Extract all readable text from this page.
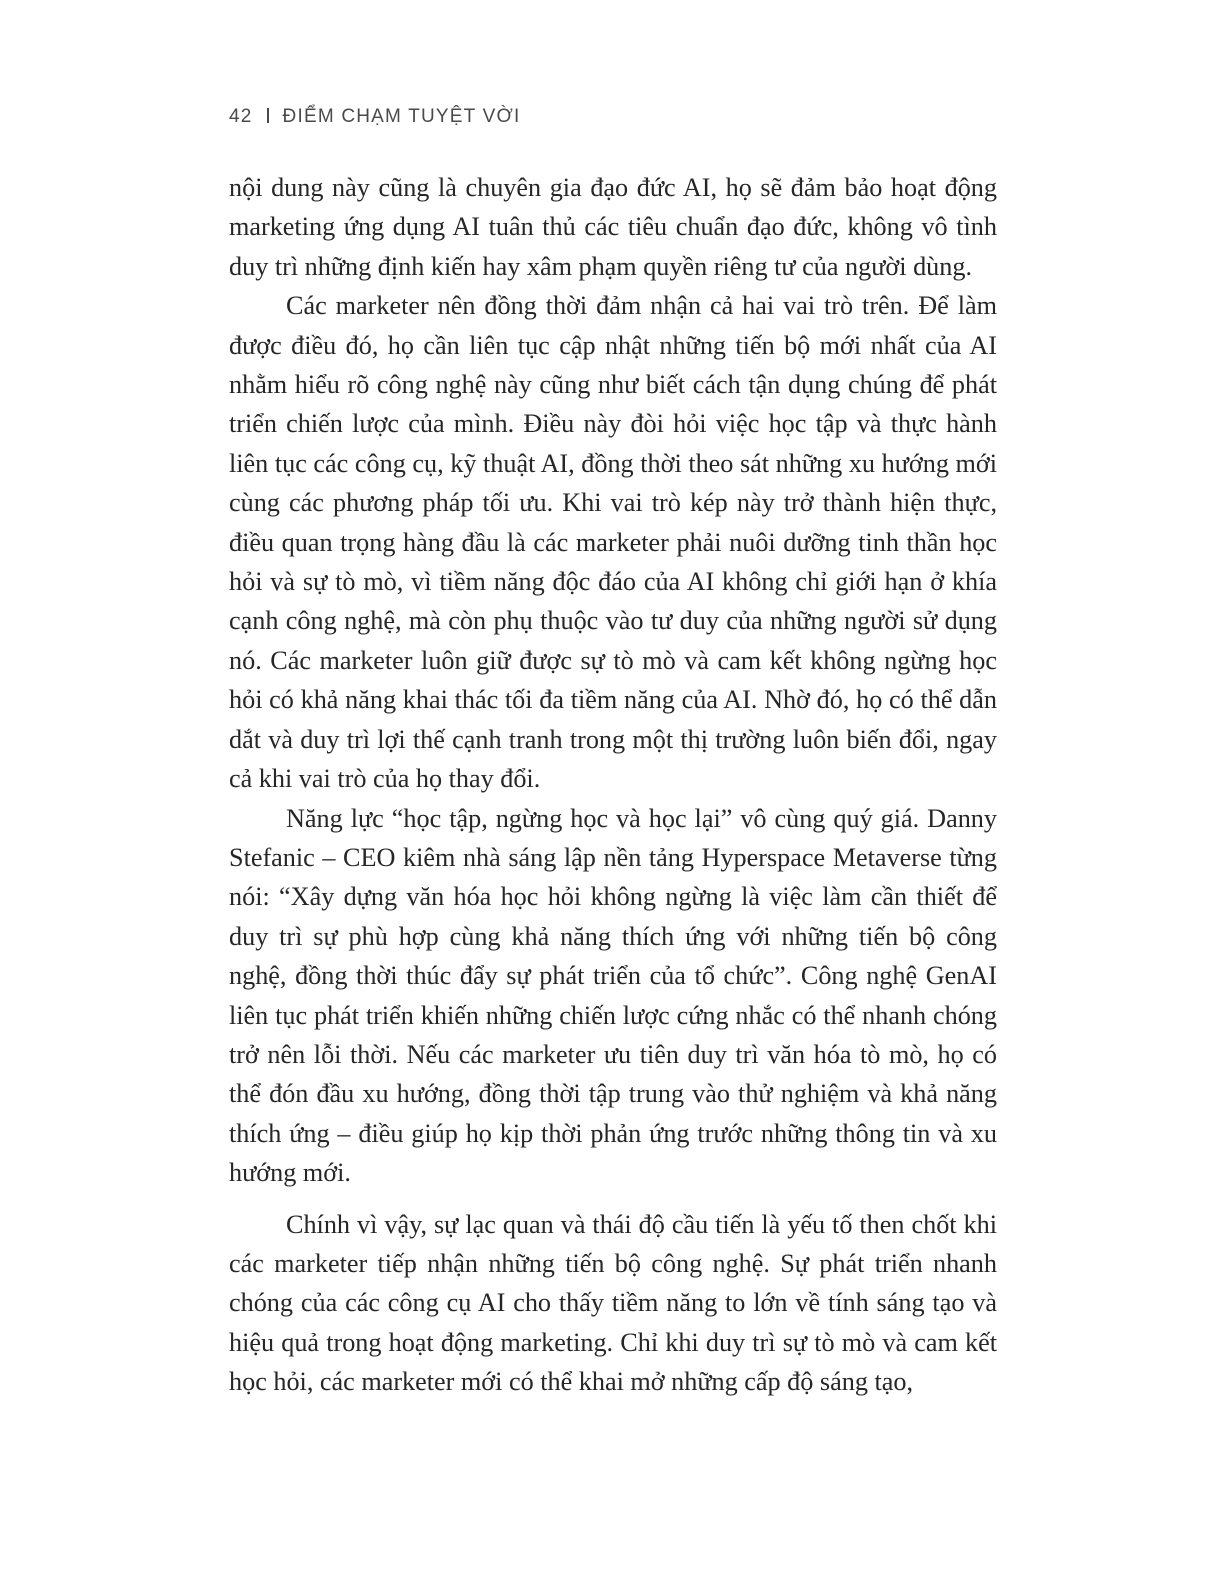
42 ĐIỂM CHẠM TUYỆT VỜI

nội dung này cũng là chuyên gia đạo đức AI, họ sẽ đảm bảo hoạt động marketing ứng dụng AI tuân thủ các tiêu chuẩn đạo đức, không vô tình duy trì những định kiến hay xâm phạm quyền riêng tư của người dùng.

Các marketer nên đồng thời đảm nhận cả hai vai trò trên. Để làm được điều đó, họ cần liên tục cập nhật những tiến bộ mới nhất của AI nhằm hiểu rõ công nghệ này cũng như biết cách tận dụng chúng để phát triển chiến lược của mình. Điều này đòi hỏi việc học tập và thực hành liên tục các công cụ, kỹ thuật AI, đồng thời theo sát những xu hướng mới cùng các phương pháp tối ưu. Khi vai trò kép này trở thành hiện thực, điều quan trọng hàng đầu là các marketer phải nuôi dưỡng tinh thần học hỏi và sự tò mò, vì tiềm năng độc đáo của AI không chỉ giới hạn ở khía cạnh công nghệ, mà còn phụ thuộc vào tư duy của những người sử dụng nó. Các marketer luôn giữ được sự tò mò và cam kết không ngừng học hỏi có khả năng khai thác tối đa tiềm năng của AI. Nhờ đó, họ có thể dẫn dắt và duy trì lợi thế cạnh tranh trong một thị trường luôn biến đổi, ngay cả khi vai trò của họ thay đổi.

Năng lực “học tập, ngừng học và học lại” vô cùng quý giá. Danny Stefanic – CEO kiêm nhà sáng lập nền tảng Hyperspace Metaverse từng nói: “Xây dựng văn hóa học hỏi không ngừng là việc làm cần thiết để duy trì sự phù hợp cùng khả năng thích ứng với những tiến bộ công nghệ, đồng thời thúc đẩy sự phát triển của tổ chức”. Công nghệ GenAI liên tục phát triển khiến những chiến lược cứng nhắc có thể nhanh chóng trở nên lỗi thời. Nếu các marketer ưu tiên duy trì văn hóa tò mò, họ có thể đón đầu xu hướng, đồng thời tập trung vào thử nghiệm và khả năng thích ứng – điều giúp họ kịp thời phản ứng trước những thông tin và xu hướng mới.

Chính vì vậy, sự lạc quan và thái độ cầu tiến là yếu tố then chốt khi các marketer tiếp nhận những tiến bộ công nghệ. Sự phát triển nhanh chóng của các công cụ AI cho thấy tiềm năng to lớn về tính sáng tạo và hiệu quả trong hoạt động marketing. Chỉ khi duy trì sự tò mò và cam kết học hỏi, các marketer mới có thể khai mở những cấp độ sáng tạo,
